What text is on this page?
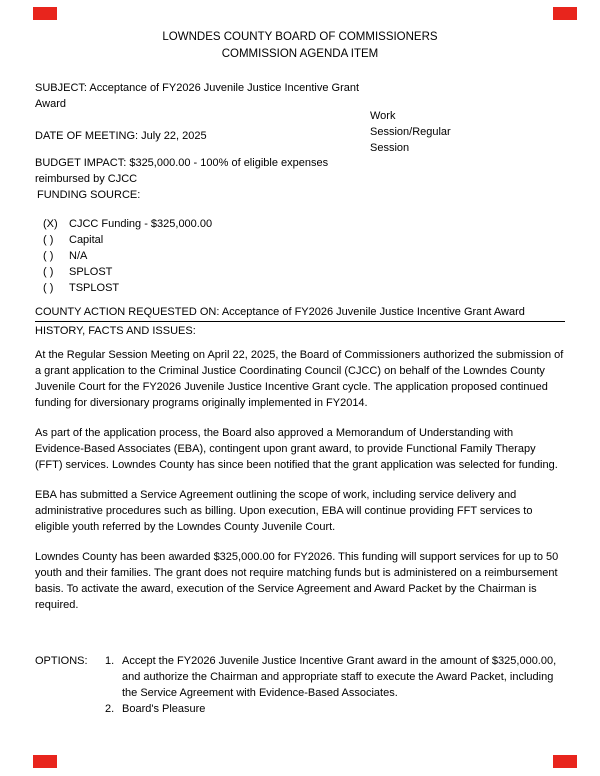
LOWNDES COUNTY BOARD OF COMMISSIONERS
COMMISSION AGENDA ITEM

SUBJECT: Acceptance of FY2026 Juvenile Justice Incentive Grant Award

DATE OF MEETING: July 22, 2025

BUDGET IMPACT: $325,000.00 - 100% of eligible expenses reimbursed by CJCC

FUNDING SOURCE:

Work Session/Regular Session
(X) CJCC Funding - $325,000.00
( ) Capital
( ) N/A
( ) SPLOST
( ) TSPLOST
COUNTY ACTION REQUESTED ON: Acceptance of FY2026 Juvenile Justice Incentive Grant Award

HISTORY, FACTS AND ISSUES:

At the Regular Session Meeting on April 22, 2025, the Board of Commissioners authorized the submission of a grant application to the Criminal Justice Coordinating Council (CJCC) on behalf of the Lowndes County Juvenile Court for the FY2026 Juvenile Justice Incentive Grant cycle. The application proposed continued funding for diversionary programs originally implemented in FY2014.

As part of the application process, the Board also approved a Memorandum of Understanding with Evidence-Based Associates (EBA), contingent upon grant award, to provide Functional Family Therapy (FFT) services. Lowndes County has since been notified that the grant application was selected for funding.

EBA has submitted a Service Agreement outlining the scope of work, including service delivery and administrative procedures such as billing. Upon execution, EBA will continue providing FFT services to eligible youth referred by the Lowndes County Juvenile Court.

Lowndes County has been awarded $325,000.00 for FY2026. This funding will support services for up to 50 youth and their families. The grant does not require matching funds but is administered on a reimbursement basis. To activate the award, execution of the Service Agreement and Award Packet by the Chairman is required.

OPTIONS:	1. Accept the FY2026 Juvenile Justice Incentive Grant award in the amount of $325,000.00, and authorize the Chairman and appropriate staff to execute the Award Packet, including the Service Agreement with Evidence-Based Associates.
2. Board's Pleasure
